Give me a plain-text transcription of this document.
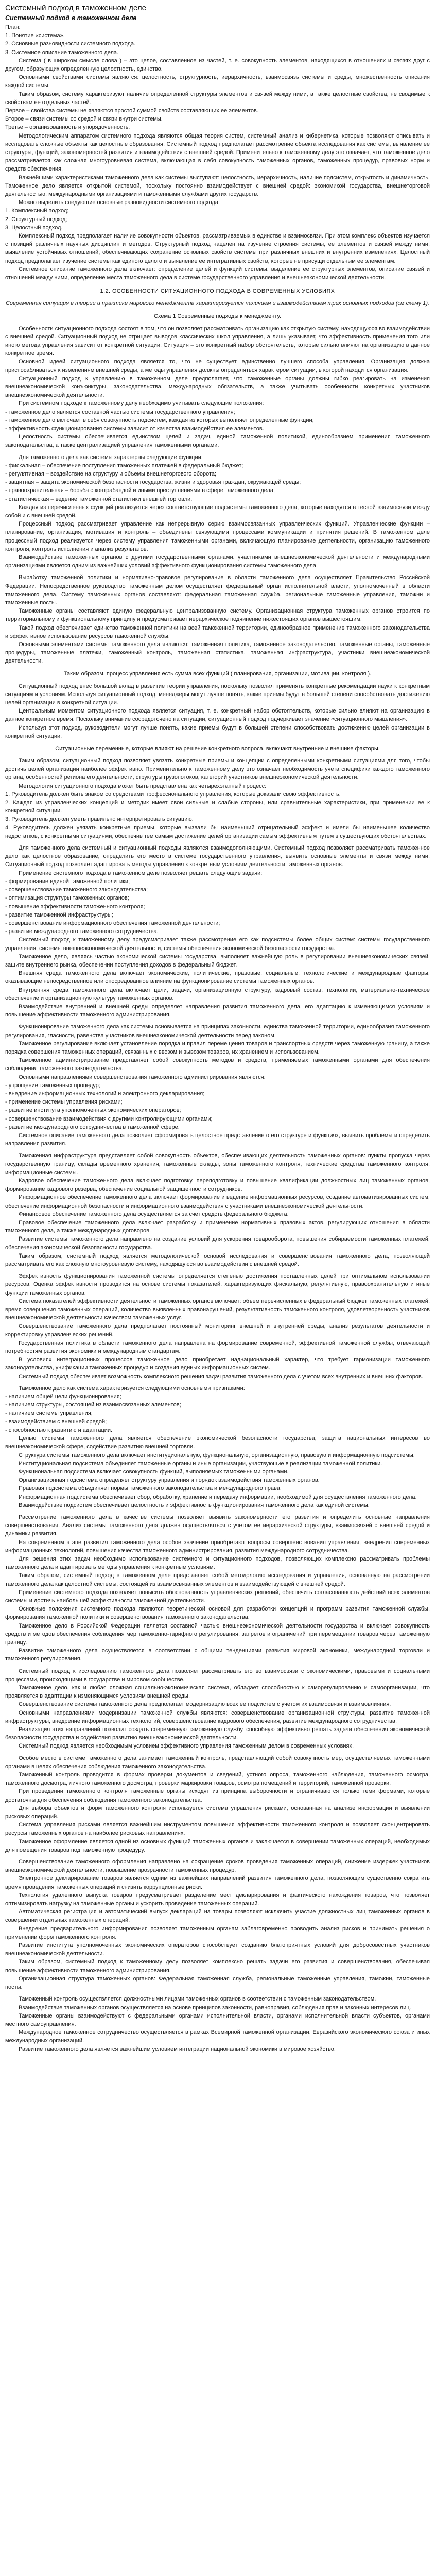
Системный подход в таможенном деле
Системный подход в таможенном деле

План:

1. Понятие «система».

2. Основные разновидности системного подхода.

3. Системное описание таможенного дела.

Система ( в широком смысле слова ) – это целое, составленное из частей, т. е. совокупность элементов, находящихся в отношениях и связях друг с другом, образующих определенную целостность, единство.

Основными свойствами системы являются: целостность, структурность, иерархичность, взаимосвязь системы и среды, множественность описания каждой системы.

Таким образом, систему характеризуют наличие определенной структуры элементов и связей между ними, а также целостные свойства, не сводимые к свойствам ее отдельных частей.

Первое – свойства системы не являются простой суммой свойств составляющих ее элементов.

Второе – связи системы со средой и связи внутри системы.

Третье – организованность и упорядоченность.

Методологическим аппаратом системного подхода являются общая теория систем, системный анализ и кибернетика, которые позволяют описывать и исследовать сложные объекты как целостные образования. Системный подход предполагает рассмотрение объекта исследования как системы, выявление ее структуры, функций, закономерностей развития и взаимодействия с внешней средой. Применительно к таможенному делу это означает, что таможенное дело рассматривается как сложная многоуровневая система, включающая в себя совокупность таможенных органов, таможенных процедур, правовых норм и средств обеспечения.

Важнейшими характеристиками таможенного дела как системы выступают: целостность, иерархичность, наличие подсистем, открытость и динамичность. Таможенное дело является открытой системой, поскольку постоянно взаимодействует с внешней средой: экономикой государства, внешнеторговой деятельностью, международными организациями и таможенными службами других государств.

Можно выделить следующие основные разновидности системного подхода:

1. Комплексный подход;

2. Структурный подход;

3. Целостный подход.

Комплексный подход предполагает наличие совокупности объектов, рассматриваемых в единстве и взаимосвязи. При этом комплекс объектов изучается с позиций различных научных дисциплин и методов. Структурный подход нацелен на изучение строения системы, ее элементов и связей между ними, выявление устойчивых отношений, обеспечивающих сохранение основных свойств системы при различных внешних и внутренних изменениях. Целостный подход предполагает изучение системы как единого целого и выявление ее интегративных свойств, которые не присущи отдельным ее элементам.

Системное описание таможенного дела включает: определение целей и функций системы, выделение ее структурных элементов, описание связей и отношений между ними, определение места таможенного дела в системе государственного управления и внешнеэкономической деятельности.

1.2. ОСОБЕННОСТИ СИТУАЦИОННОГО ПОДХОДА В СОВРЕМЕННЫХ УСЛОВИЯХ

Современная ситуация в теории и практике мирового менеджмента характеризуется наличием и взаимодействием трех основных подходов (см.схему 1).

Схема 1 Современные подходы к менеджменту.

Особенности ситуационного подхода состоят в том, что он позволяет рассматривать организацию как открытую систему, находящуюся во взаимодействии с внешней средой. Ситуационный подход не отрицает выводов классических школ управления, а лишь указывает, что эффективность применения того или иного метода управления зависит от конкретной ситуации. Ситуация – это конкретный набор обстоятельств, которые сильно влияют на организацию в данное конкретное время.

Основной идеей ситуационного подхода является то, что не существует единственно лучшего способа управления. Организация должна приспосабливаться к изменениям внешней среды, а методы управления должны определяться характером ситуации, в которой находится организация.

Ситуационный подход к управлению в таможенном деле предполагает, что таможенные органы должны гибко реагировать на изменения внешнеэкономической конъюнктуры, законодательства, международных обязательств, а также учитывать особенности конкретных участников внешнеэкономической деятельности.

При системном подходе к таможенному делу необходимо учитывать следующие положения:

- таможенное дело является составной частью системы государственного управления;

- таможенное дело включает в себя совокупность подсистем, каждая из которых выполняет определенные функции;

- эффективность функционирования системы зависит от качества взаимодействия ее элементов.

Целостность системы обеспечивается единством целей и задач, единой таможенной политикой, единообразием применения таможенного законодательства, а также централизацией управления таможенными органами.

Для таможенного дела как системы характерны следующие функции:

- фискальная – обеспечение поступления таможенных платежей в федеральный бюджет;

- регулятивная – воздействие на структуру и объемы внешнеторгового оборота;

- защитная – защита экономической безопасности государства, жизни и здоровья граждан, окружающей среды;

- правоохранительная – борьба с контрабандой и иными преступлениями в сфере таможенного дела;

- статистическая – ведение таможенной статистики внешней торговли.

Каждая из перечисленных функций реализуется через соответствующие подсистемы таможенного дела, которые находятся в тесной взаимосвязи между собой и с внешней средой.

Процессный подход рассматривает управление как непрерывную серию взаимосвязанных управленческих функций. Управленческие функции – планирование, организация, мотивация и контроль – объединены связующими процессами коммуникации и принятия решений. В таможенном деле процессный подход реализуется через систему управления таможенными органами, включающую планирование деятельности, организацию таможенного контроля, контроль исполнения и анализ результатов.

Взаимодействие таможенных органов с другими государственными органами, участниками внешнеэкономической деятельности и международными организациями является одним из важнейших условий эффективного функционирования системы таможенного дела.

Выработку таможенной политики и нормативно-правовое регулирование в области таможенного дела осуществляет Правительство Российской Федерации. Непосредственное руководство таможенным делом осуществляет федеральный орган исполнительной власти, уполномоченный в области таможенного дела. Систему таможенных органов составляют: федеральная таможенная служба, региональные таможенные управления, таможни и таможенные посты.

Таможенные органы составляют единую федеральную централизованную систему. Организационная структура таможенных органов строится по территориальному и функциональному принципу и предусматривает иерархическое подчинение нижестоящих органов вышестоящим.

Такой подход обеспечивает единство таможенной политики на всей таможенной территории, единообразное применение таможенного законодательства и эффективное использование ресурсов таможенной службы.

Основными элементами системы таможенного дела являются: таможенная политика, таможенное законодательство, таможенные органы, таможенные процедуры, таможенные платежи, таможенный контроль, таможенная статистика, таможенная инфраструктура, участники внешнеэкономической деятельности.

Таким образом, процесс управления есть сумма всех функций ( планирования, организации, мотивации, контроля ).

Ситуационный подход внес большой вклад в развитие теории управления, поскольку позволил применять конкретные рекомендации науки к конкретным ситуациям и условиям. Используя ситуационный подход, менеджеры могут лучше понять, какие приемы будут в большей степени способствовать достижению целей организации в конкретной ситуации.

Центральным моментом ситуационного подхода является ситуация, т. е. конкретный набор обстоятельств, которые сильно влияют на организацию в данное конкретное время. Поскольку внимание сосредоточено на ситуации, ситуационный подход подчеркивает значение «ситуационного мышления».

Используя этот подход, руководители могут лучше понять, какие приемы будут в большей степени способствовать достижению целей организации в конкретной ситуации.

Ситуационные переменные, которые влияют на решение конкретного вопроса, включают внутренние и внешние факторы.

Таким образом, ситуационный подход позволяет увязать конкретные приемы и концепции с определенными конкретными ситуациями для того, чтобы достичь целей организации наиболее эффективно. Применительно к таможенному делу это означает необходимость учета специфики каждого таможенного органа, особенностей региона его деятельности, структуры грузопотоков, категорий участников внешнеэкономической деятельности.

Методология ситуационного подхода может быть представлена как четырехэтапный процесс:

1. Руководитель должен быть знаком со средствами профессионального управления, которые доказали свою эффективность.

2. Каждая из управленческих концепций и методик имеет свои сильные и слабые стороны, или сравнительные характеристики, при применении ее к конкретной ситуации.

3. Руководитель должен уметь правильно интерпретировать ситуацию.

4. Руководитель должен увязать конкретные приемы, которые вызвали бы наименьший отрицательный эффект и имели бы наименьшее количество недостатков, с конкретными ситуациями, обеспечив тем самым достижение целей организации самым эффективным путем в существующих обстоятельствах.

Для таможенного дела системный и ситуационный подходы являются взаимодополняющими. Системный подход позволяет рассматривать таможенное дело как целостное образование, определить его место в системе государственного управления, выявить основные элементы и связи между ними. Ситуационный подход позволяет адаптировать методы управления к конкретным условиям деятельности таможенных органов.

Применение системного подхода в таможенном деле позволяет решать следующие задачи:

- формирование единой таможенной политики;

- совершенствование таможенного законодательства;

- оптимизация структуры таможенных органов;

- повышение эффективности таможенного контроля;

- развитие таможенной инфраструктуры;

- совершенствование информационного обеспечения таможенной деятельности;

- развитие международного таможенного сотрудничества.

Системный подход к таможенному делу предусматривает также рассмотрение его как подсистемы более общих систем: системы государственного управления, системы внешнеэкономической деятельности, системы обеспечения экономической безопасности государства.

Таможенное дело, являясь частью экономической системы государства, выполняет важнейшую роль в регулировании внешнеэкономических связей, защите внутреннего рынка, обеспечении поступления доходов в федеральный бюджет.

Внешняя среда таможенного дела включает экономические, политические, правовые, социальные, технологические и международные факторы, оказывающие непосредственное или опосредованное влияние на функционирование системы таможенных органов.

Внутренняя среда таможенного дела включает цели, задачи, организационную структуру, кадровый состав, технологии, материально-техническое обеспечение и организационную культуру таможенных органов.

Взаимодействие внутренней и внешней среды определяет направления развития таможенного дела, его адаптацию к изменяющимся условиям и повышение эффективности таможенного администрирования.

Функционирование таможенного дела как системы основывается на принципах законности, единства таможенной территории, единообразия таможенного регулирования, гласности, равенства участников внешнеэкономической деятельности перед законом.

Таможенное регулирование включает установление порядка и правил перемещения товаров и транспортных средств через таможенную границу, а также порядка совершения таможенных операций, связанных с ввозом и вывозом товаров, их хранением и использованием.

Таможенное администрирование представляет собой совокупность методов и средств, применяемых таможенными органами для обеспечения соблюдения таможенного законодательства.

Основными направлениями совершенствования таможенного администрирования являются:

- упрощение таможенных процедур;

- внедрение информационных технологий и электронного декларирования;

- применение системы управления рисками;

- развитие института уполномоченных экономических операторов;

- совершенствование взаимодействия с другими контролирующими органами;

- развитие международного сотрудничества в таможенной сфере.

Системное описание таможенного дела позволяет сформировать целостное представление о его структуре и функциях, выявить проблемы и определить направления развития.

Таможенная инфраструктура представляет собой совокупность объектов, обеспечивающих деятельность таможенных органов: пункты пропуска через государственную границу, склады временного хранения, таможенные склады, зоны таможенного контроля, технические средства таможенного контроля, информационные системы.

Кадровое обеспечение таможенного дела включает подготовку, переподготовку и повышение квалификации должностных лиц таможенных органов, формирование кадрового резерва, обеспечение социальной защищенности сотрудников.

Информационное обеспечение таможенного дела включает формирование и ведение информационных ресурсов, создание автоматизированных систем, обеспечение информационной безопасности и информационного взаимодействия с участниками внешнеэкономической деятельности.

Финансовое обеспечение таможенного дела осуществляется за счет средств федерального бюджета.

Правовое обеспечение таможенного дела включает разработку и применение нормативных правовых актов, регулирующих отношения в области таможенного дела, а также международных договоров.

Развитие системы таможенного дела направлено на создание условий для ускорения товарооборота, повышения собираемости таможенных платежей, обеспечения экономической безопасности государства.

Таким образом, системный подход является методологической основой исследования и совершенствования таможенного дела, позволяющей рассматривать его как сложную многоуровневую систему, находящуюся во взаимодействии с внешней средой.

Эффективность функционирования таможенной системы определяется степенью достижения поставленных целей при оптимальном использовании ресурсов. Оценка эффективности проводится на основе системы показателей, характеризующих фискальную, регулятивную, правоохранительную и иные функции таможенных органов.

Система показателей эффективности деятельности таможенных органов включает: объем перечисленных в федеральный бюджет таможенных платежей, время совершения таможенных операций, количество выявленных правонарушений, результативность таможенного контроля, удовлетворенность участников внешнеэкономической деятельности качеством таможенных услуг.

Совершенствование таможенного дела предполагает постоянный мониторинг внешней и внутренней среды, анализ результатов деятельности и корректировку управленческих решений.

Государственная политика в области таможенного дела направлена на формирование современной, эффективной таможенной службы, отвечающей потребностям развития экономики и международным стандартам.

В условиях интеграционных процессов таможенное дело приобретает наднациональный характер, что требует гармонизации таможенного законодательства, унификации таможенных процедур и создания единых информационных систем.

Системный подход обеспечивает возможность комплексного решения задач развития таможенного дела с учетом всех внутренних и внешних факторов.

Таможенное дело как система характеризуется следующими основными признаками:

- наличием общей цели функционирования;

- наличием структуры, состоящей из взаимосвязанных элементов;

- наличием системы управления;

- взаимодействием с внешней средой;

- способностью к развитию и адаптации.

Целью системы таможенного дела является обеспечение экономической безопасности государства, защита национальных интересов во внешнеэкономической сфере, содействие развитию внешней торговли.

Структура системы таможенного дела включает институциональную, функциональную, организационную, правовую и информационную подсистемы.

Институциональная подсистема объединяет таможенные органы и иные организации, участвующие в реализации таможенной политики.

Функциональная подсистема включает совокупность функций, выполняемых таможенными органами.

Организационная подсистема определяет структуру управления и порядок взаимодействия таможенных органов.

Правовая подсистема объединяет нормы таможенного законодательства и международного права.

Информационная подсистема обеспечивает сбор, обработку, хранение и передачу информации, необходимой для осуществления таможенного дела.

Взаимодействие подсистем обеспечивает целостность и эффективность функционирования таможенного дела как единой системы.

Рассмотрение таможенного дела в качестве системы позволяет выявить закономерности его развития и определить основные направления совершенствования. Анализ системы таможенного дела должен осуществляться с учетом ее иерархической структуры, взаимосвязей с внешней средой и динамики развития.

На современном этапе развития таможенного дела особое значение приобретают вопросы совершенствования управления, внедрения современных информационных технологий, повышения качества таможенного администрирования, развития международного сотрудничества.

Для решения этих задач необходимо использование системного и ситуационного подходов, позволяющих комплексно рассматривать проблемы таможенного дела и адаптировать методы управления к конкретным условиям.

Таким образом, системный подход в таможенном деле представляет собой методологию исследования и управления, основанную на рассмотрении таможенного дела как целостной системы, состоящей из взаимосвязанных элементов и взаимодействующей с внешней средой.

Применение системного подхода позволяет повысить обоснованность управленческих решений, обеспечить согласованность действий всех элементов системы и достичь наибольшей эффективности таможенной деятельности.

Основные положения системного подхода являются теоретической основой для разработки концепций и программ развития таможенной службы, формирования таможенной политики и совершенствования таможенного законодательства.

Таможенное дело в Российской Федерации является составной частью внешнеэкономической деятельности государства и включает совокупность средств и методов обеспечения соблюдения мер таможенно-тарифного регулирования, запретов и ограничений при перемещении товаров через таможенную границу.

Развитие таможенного дела осуществляется в соответствии с общими тенденциями развития мировой экономики, международной торговли и таможенного регулирования.

Системный подход к исследованию таможенного дела позволяет рассматривать его во взаимосвязи с экономическими, правовыми и социальными процессами, происходящими в государстве и мировом сообществе.

Таможенное дело, как и любая сложная социально-экономическая система, обладает способностью к саморегулированию и самоорганизации, что проявляется в адаптации к изменяющимся условиям внешней среды.

Совершенствование системы таможенного дела предполагает модернизацию всех ее подсистем с учетом их взаимосвязи и взаимовлияния.

Основными направлениями модернизации таможенной службы являются: совершенствование организационной структуры, развитие таможенной инфраструктуры, внедрение информационных технологий, совершенствование кадрового обеспечения, развитие международного сотрудничества.

Реализация этих направлений позволит создать современную таможенную службу, способную эффективно решать задачи обеспечения экономической безопасности государства и содействия развитию внешнеэкономической деятельности.

Системный подход является необходимым условием эффективного управления таможенным делом в современных условиях.

Особое место в системе таможенного дела занимает таможенный контроль, представляющий собой совокупность мер, осуществляемых таможенными органами в целях обеспечения соблюдения таможенного законодательства.

Таможенный контроль проводится в формах проверки документов и сведений, устного опроса, таможенного наблюдения, таможенного осмотра, таможенного досмотра, личного таможенного досмотра, проверки маркировки товаров, осмотра помещений и территорий, таможенной проверки.

При проведении таможенного контроля таможенные органы исходят из принципа выборочности и ограничиваются только теми формами, которые достаточны для обеспечения соблюдения таможенного законодательства.

Для выбора объектов и форм таможенного контроля используется система управления рисками, основанная на анализе информации и выявлении рисковых операций.

Система управления рисками является важнейшим инструментом повышения эффективности таможенного контроля и позволяет сконцентрировать ресурсы таможенных органов на наиболее рисковых направлениях.

Таможенное оформление является одной из основных функций таможенных органов и заключается в совершении таможенных операций, необходимых для помещения товаров под таможенную процедуру.

Совершенствование таможенного оформления направлено на сокращение сроков проведения таможенных операций, снижение издержек участников внешнеэкономической деятельности, повышение прозрачности таможенных процедур.

Электронное декларирование товаров является одним из важнейших направлений развития таможенного дела, позволяющим существенно сократить время проведения таможенных операций и снизить коррупционные риски.

Технология удаленного выпуска товаров предусматривает разделение мест декларирования и фактического нахождения товаров, что позволяет оптимизировать нагрузку на таможенные органы и ускорить проведение таможенных операций.

Автоматическая регистрация и автоматический выпуск деклараций на товары позволяют исключить участие должностных лиц таможенных органов в совершении отдельных таможенных операций.

Внедрение предварительного информирования позволяет таможенным органам заблаговременно проводить анализ рисков и принимать решения о применении форм таможенного контроля.

Развитие института уполномоченных экономических операторов способствует созданию благоприятных условий для добросовестных участников внешнеэкономической деятельности.

Таким образом, системный подход к таможенному делу позволяет комплексно решать задачи его развития и совершенствования, обеспечивая повышение эффективности таможенного администрирования.

Организационная структура таможенных органов: Федеральная таможенная служба, региональные таможенные управления, таможни, таможенные посты.

Таможенный контроль осуществляется должностными лицами таможенных органов в соответствии с таможенным законодательством.

Взаимодействие таможенных органов осуществляется на основе принципов законности, равноправия, соблюдения прав и законных интересов лиц.

Таможенные органы взаимодействуют с федеральными органами исполнительной власти, органами исполнительной власти субъектов, органами местного самоуправления.

Международное таможенное сотрудничество осуществляется в рамках Всемирной таможенной организации, Евразийского экономического союза и иных международных организаций.

Развитие таможенного дела является важнейшим условием интеграции национальной экономики в мировое хозяйство.
